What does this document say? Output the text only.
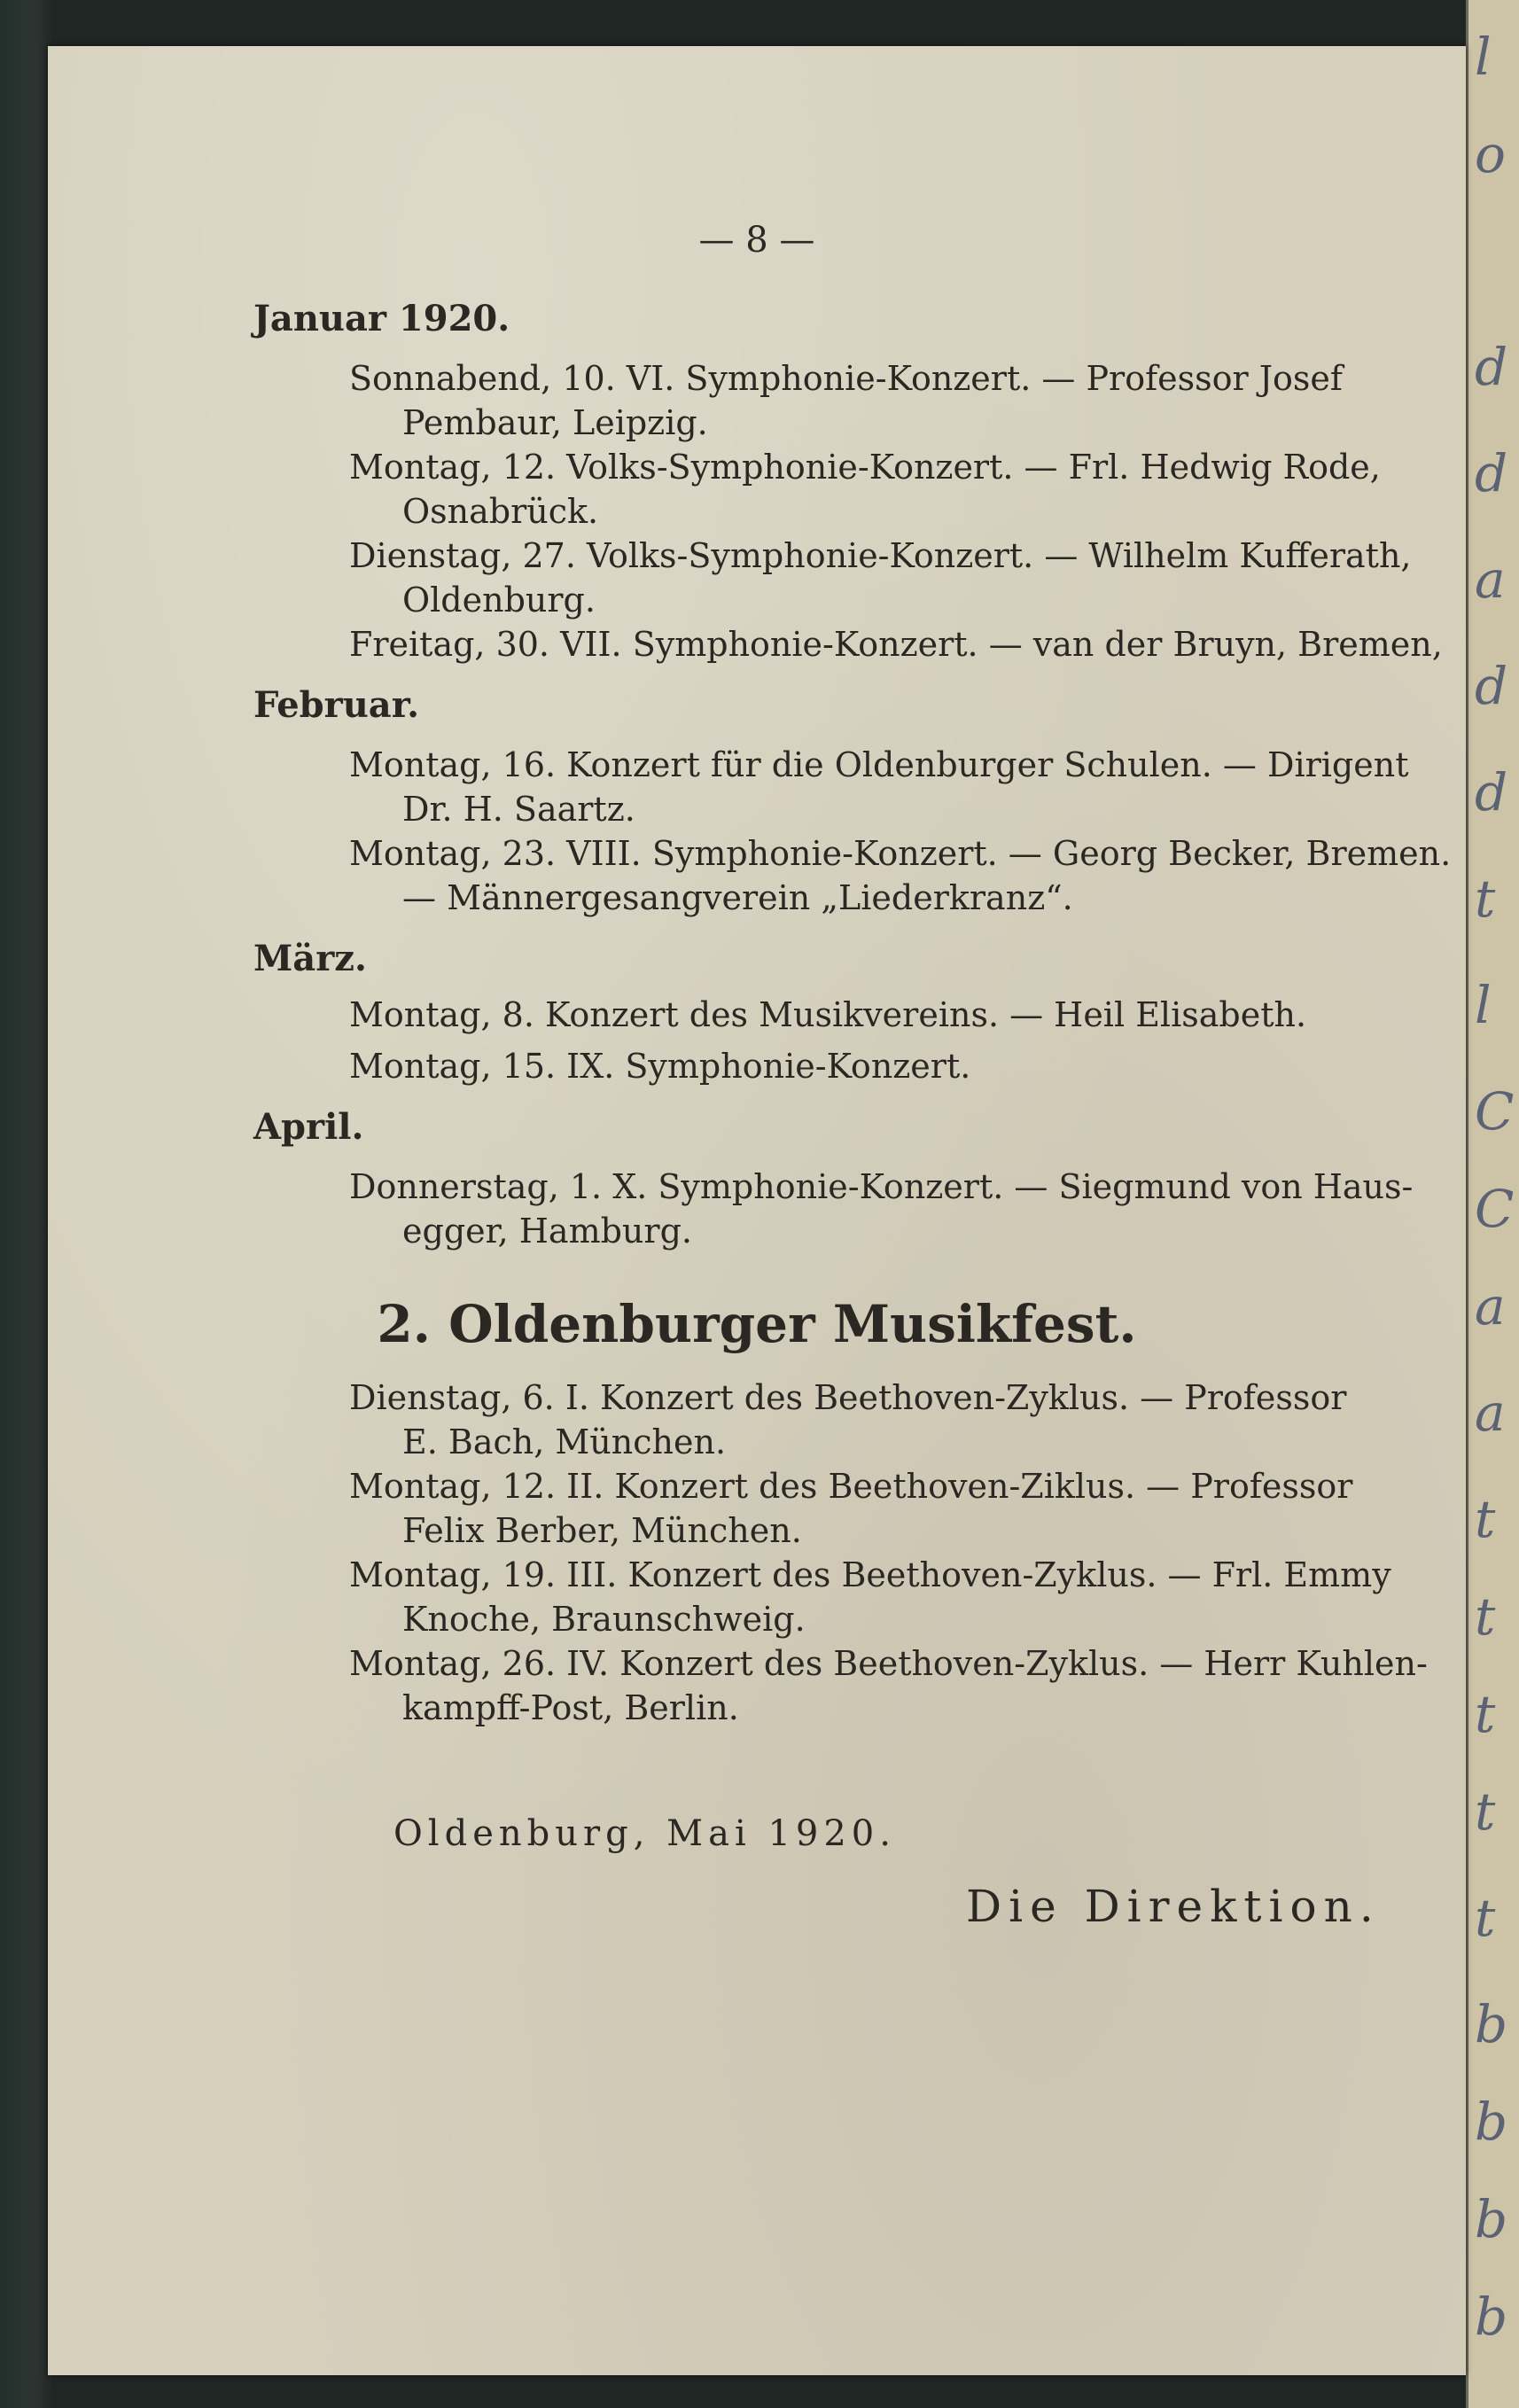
l
o
d
d
a
d
d
t
l
C
C
a
a
t
t
t
t
t
b
b
b
b
— 8 —
Januar 1920.
Sonnabend, 10. VI. Symphonie-Konzert. — Professor Josef
Pembaur, Leipzig.
Montag, 12. Volks-Symphonie-Konzert. — Frl. Hedwig Rode,
Osnabrück.
Dienstag, 27. Volks-Symphonie-Konzert. — Wilhelm Kufferath,
Oldenburg.
Freitag, 30. VII. Symphonie-Konzert. — van der Bruyn, Bremen,
Februar.
Montag, 16. Konzert für die Oldenburger Schulen. — Dirigent
Dr. H. Saartz.
Montag, 23. VIII. Symphonie-Konzert. — Georg Becker, Bremen.
— Männergesangverein „Liederkranz“.
März.
Montag, 8. Konzert des Musikvereins. — Heil Elisabeth.
Montag, 15. IX. Symphonie-Konzert.
April.
Donnerstag, 1. X. Symphonie-Konzert. — Siegmund von Haus-
egger, Hamburg.
2. Oldenburger Musikfest.
Dienstag, 6. I. Konzert des Beethoven-Zyklus. — Professor
E. Bach, München.
Montag, 12. II. Konzert des Beethoven-Ziklus. — Professor
Felix Berber, München.
Montag, 19. III. Konzert des Beethoven-Zyklus. — Frl. Emmy
Knoche, Braunschweig.
Montag, 26. IV. Konzert des Beethoven-Zyklus. — Herr Kuhlen-
kampff-Post, Berlin.
Oldenburg, Mai 1920.
Die Direktion.
